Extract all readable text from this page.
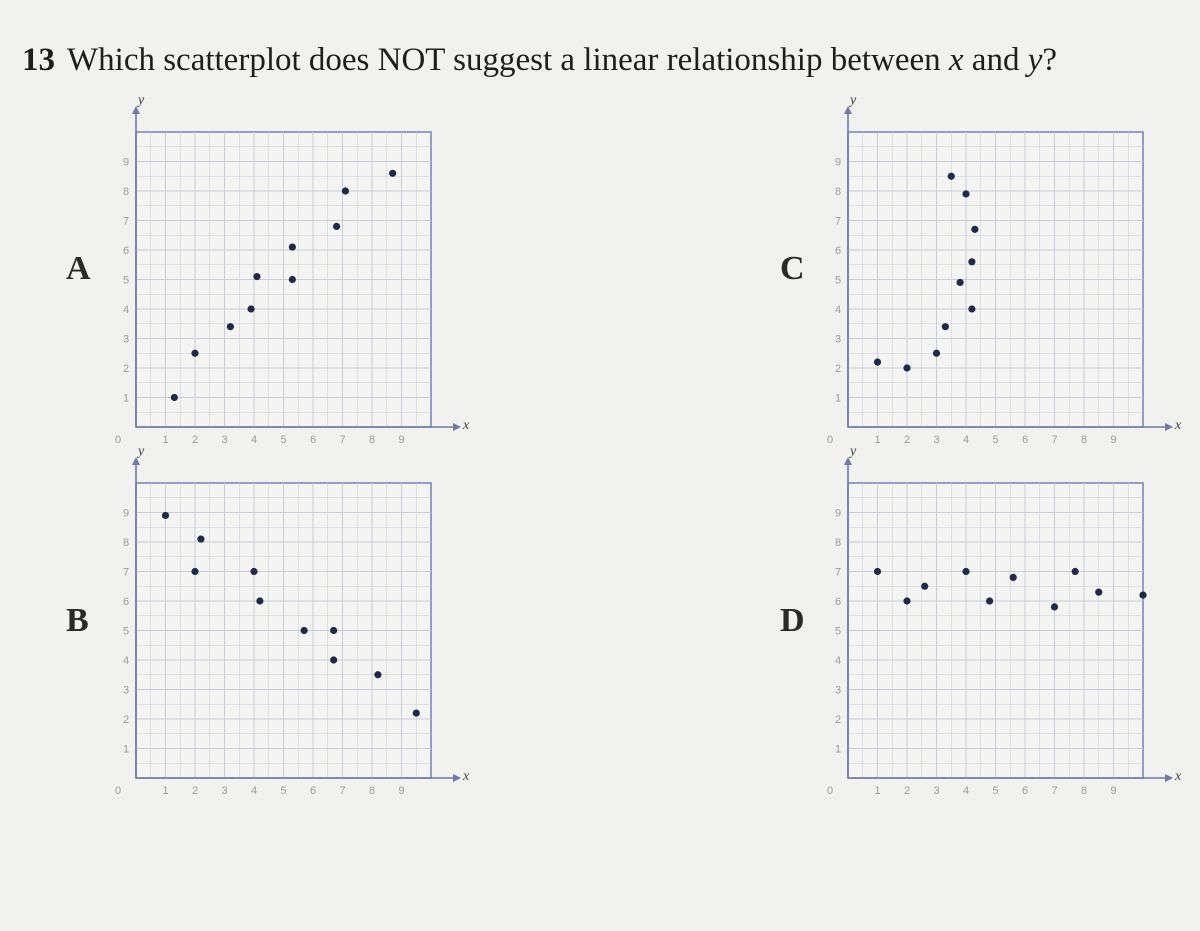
13 Which scatterplot does NOT suggest a linear relationship between x and y?
A	C
B	D
x
y
0	1 2 3 4 5 6 7 8 9
1
2
3
4
5
6
7
8
9
x
y
0	1 2 3 4 5 6 7 8 9
1
2
3
4
5
6
7
8
9
x
y
0	1 2 3 4 5 6 7 8 9
1
2
3
4
5
6
7
8
9
x
y
0	1 2 3 4 5 6 7 8 9
1
2
3
4
5
6
7
8
9
